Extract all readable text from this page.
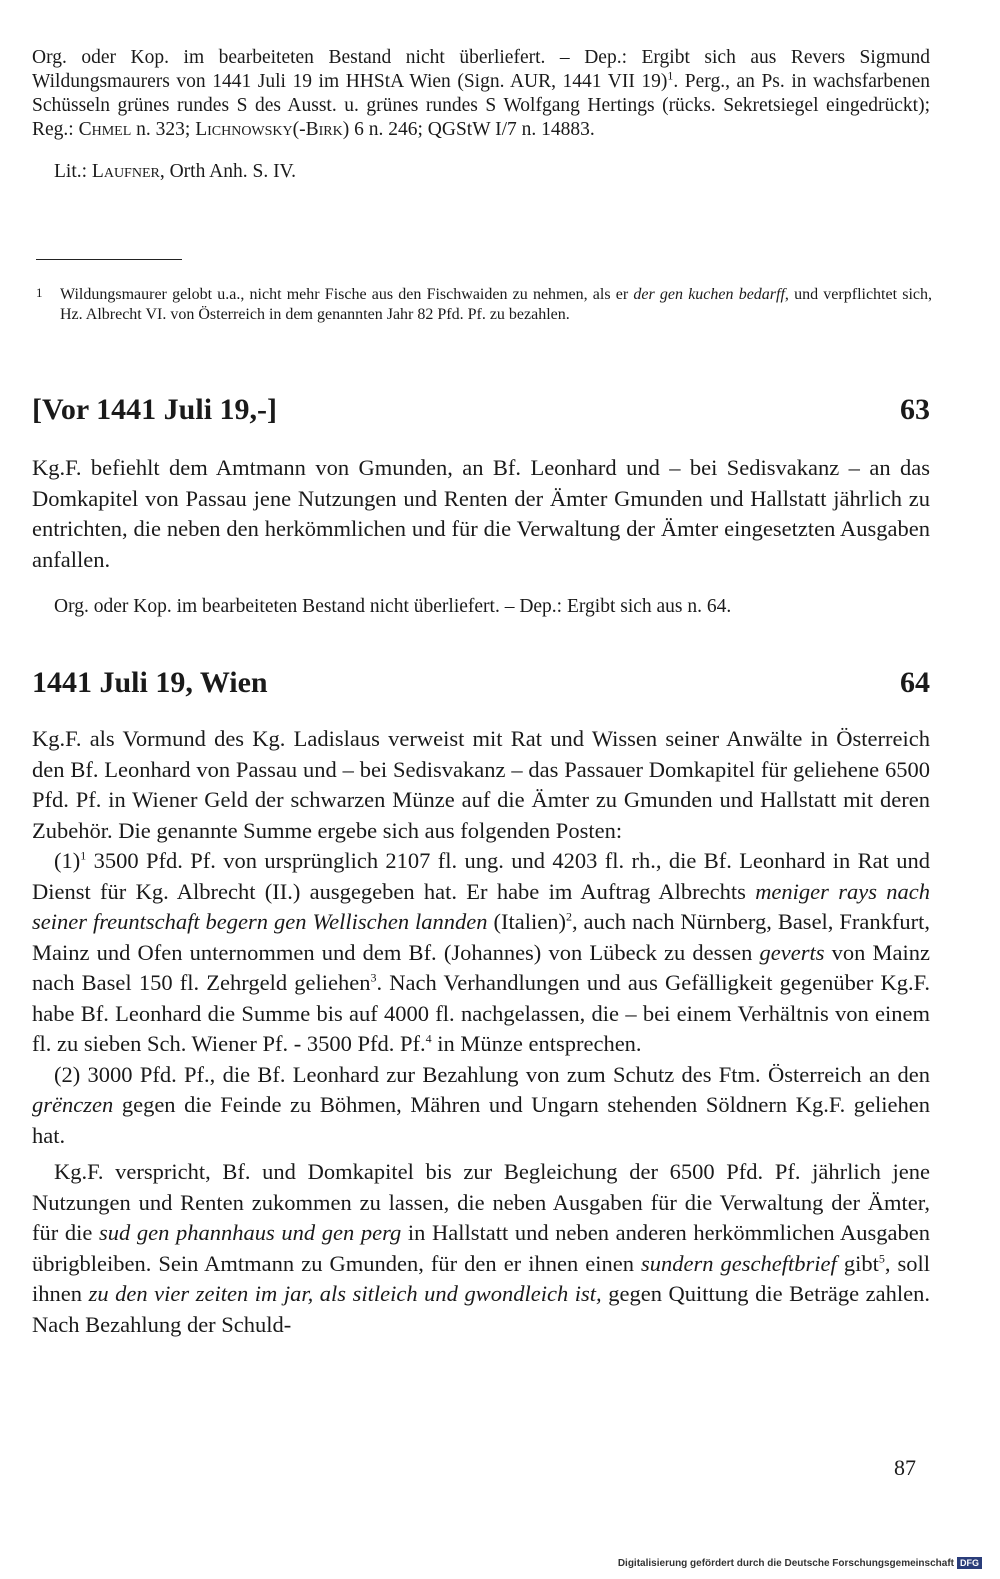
Org. oder Kop. im bearbeiteten Bestand nicht überliefert. – Dep.: Ergibt sich aus Revers Sigmund Wildungsmaurers von 1441 Juli 19 im HHStA Wien (Sign. AUR, 1441 VII 19)$^1$. Perg., an Ps. in wachsfarbenen Schüsseln grünes rundes S des Ausst. u. grünes rundes S Wolfgang Hertings (rücks. Sekretsiegel eingedrückt); Reg.: Chmel n. 323; Lichnowsky(-Birk) 6 n. 246; QGStW I/7 n. 14883.

Lit.: Laufner, Orth Anh. S. IV.

1 Wildungsmaurer gelobt u.a., nicht mehr Fische aus den Fischwaiden zu nehmen, als er der gen kuchen bedarff, und verpflichtet sich, Hz. Albrecht VI. von Österreich in dem genannten Jahr 82 Pfd. Pf. zu bezahlen.
[Vor 1441 Juli 19,-]	63

Kg.F. befiehlt dem Amtmann von Gmunden, an Bf. Leonhard und – bei Sedisvakanz – an das Domkapitel von Passau jene Nutzungen und Renten der Ämter Gmunden und Hallstatt jährlich zu entrichten, die neben den herkömmlichen und für die Verwaltung der Ämter eingesetzten Ausgaben anfallen.

Org. oder Kop. im bearbeiteten Bestand nicht überliefert. – Dep.: Ergibt sich aus n. 64.

1441 Juli 19, Wien	64

Kg.F. als Vormund des Kg. Ladislaus verweist mit Rat und Wissen seiner Anwälte in Österreich den Bf. Leonhard von Passau und – bei Sedisvakanz – das Passauer Domkapitel für geliehene 6500 Pfd. Pf. in Wiener Geld der schwarzen Münze auf die Ämter zu Gmunden und Hallstatt mit deren Zubehör. Die genannte Summe ergebe sich aus folgenden Posten:

$(1)^1$ 3500 Pfd. Pf. von ursprünglich 2107 fl. ung. und 4203 fl. rh., die Bf. Leonhard in Rat und Dienst für Kg. Albrecht (II.) ausgegeben hat. Er habe im Auftrag Albrechts meniger rays nach seiner freuntschaft begern gen Wellischen lannden (Italien)$^2$, auch nach Nürnberg, Basel, Frankfurt, Mainz und Ofen unternommen und dem Bf. (Johannes) von Lübeck zu dessen geverts von Mainz nach Basel 150 fl. Zehrgeld geliehen$^3$. Nach Verhandlungen und aus Gefälligkeit gegenüber Kg.F. habe Bf. Leonhard die Summe bis auf 4000 fl. nachgelassen, die – bei einem Verhältnis von einem fl. zu sieben Sch. Wiener Pf. - 3500 Pfd. Pf.$^4$ in Münze entsprechen.

(2) 3000 Pfd. Pf., die Bf. Leonhard zur Bezahlung von zum Schutz des Ftm. Österreich an den grënczen gegen die Feinde zu Böhmen, Mähren und Ungarn stehenden Söldnern Kg.F. geliehen hat.

Kg.F. verspricht, Bf. und Domkapitel bis zur Begleichung der 6500 Pfd. Pf. jährlich jene Nutzungen und Renten zukommen zu lassen, die neben Ausgaben für die Verwaltung der Ämter, für die sud gen phannhaus und gen perg in Hallstatt und neben anderen herkömmlichen Ausgaben übrigbleiben. Sein Amtmann zu Gmunden, für den er ihnen einen sundern gescheftbrief gibt$^5$, soll ihnen zu den vier zeiten im jar, als sitleich und gwondleich ist, gegen Quittung die Beträge zahlen. Nach Bezahlung der Schuld-

87
Digitalisierung gefördert durch die Deutsche Forschungsgemeinschaft DFG
